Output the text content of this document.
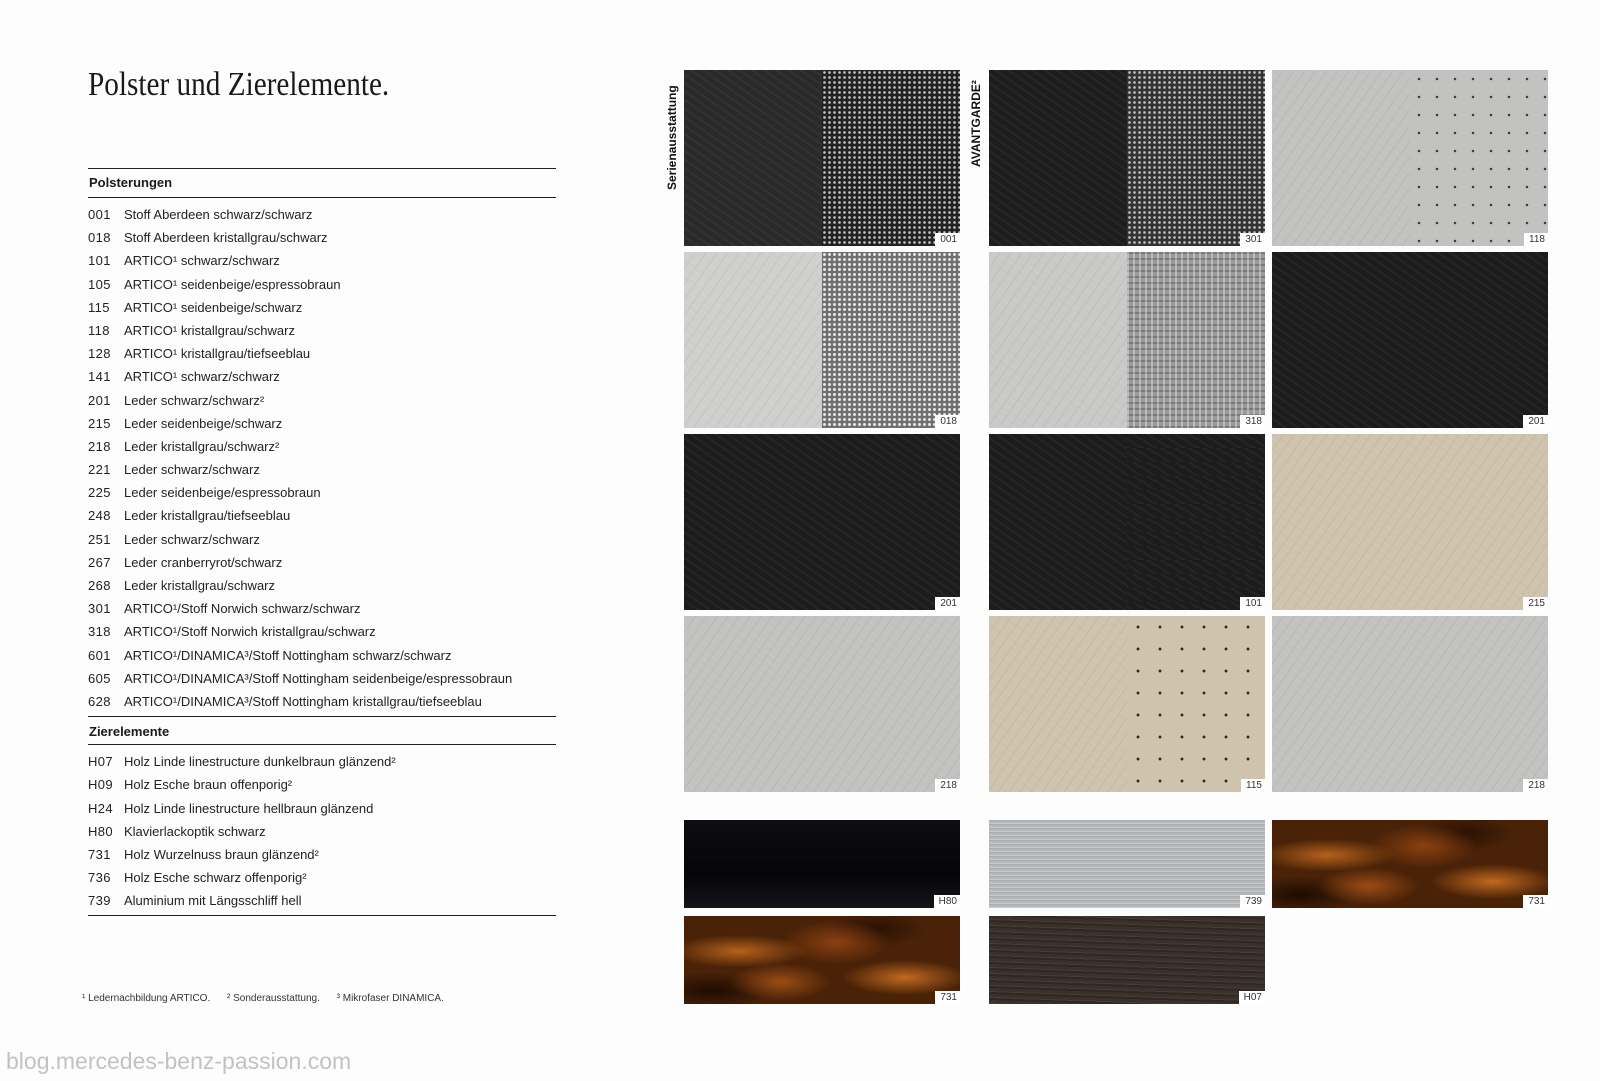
Polster und Zierelemente.
Polsterungen
001 Stoff Aberdeen schwarz/schwarz
018 Stoff Aberdeen kristallgrau/schwarz
101 ARTICO¹ schwarz/schwarz
105 ARTICO¹ seidenbeige/espressobraun
115 ARTICO¹ seidenbeige/schwarz
118 ARTICO¹ kristallgrau/schwarz
128 ARTICO¹ kristallgrau/tiefseeblau
141 ARTICO¹ schwarz/schwarz
201 Leder schwarz/schwarz²
215 Leder seidenbeige/schwarz
218 Leder kristallgrau/schwarz²
221 Leder schwarz/schwarz
225 Leder seidenbeige/espressobraun
248 Leder kristallgrau/tiefseeblau
251 Leder schwarz/schwarz
267 Leder cranberryrot/schwarz
268 Leder kristallgrau/schwarz
301 ARTICO¹/Stoff Norwich schwarz/schwarz
318 ARTICO¹/Stoff Norwich kristallgrau/schwarz
601 ARTICO¹/DINAMICA³/Stoff Nottingham schwarz/schwarz
605 ARTICO¹/DINAMICA³/Stoff Nottingham seidenbeige/espressobraun
628 ARTICO¹/DINAMICA³/Stoff Nottingham kristallgrau/tiefseeblau
Zierelemente
H07 Holz Linde linestructure dunkelbraun glänzend²
H09 Holz Esche braun offenporig²
H24 Holz Linde linestructure hellbraun glänzend
H80 Klavierlackoptik schwarz
731 Holz Wurzelnuss braun glänzend²
736 Holz Esche schwarz offenporig²
739 Aluminium mit Längsschliff hell
¹ Ledernachbildung ARTICO. ² Sonderausstattung. ³ Mikrofaser DINAMICA.
Serienausstattung	AVANTGARDE²
001
018
201
218
301
318
101
115
118
201
215
218
H80
731
739
H07
731
blog.mercedes-benz-passion.com
